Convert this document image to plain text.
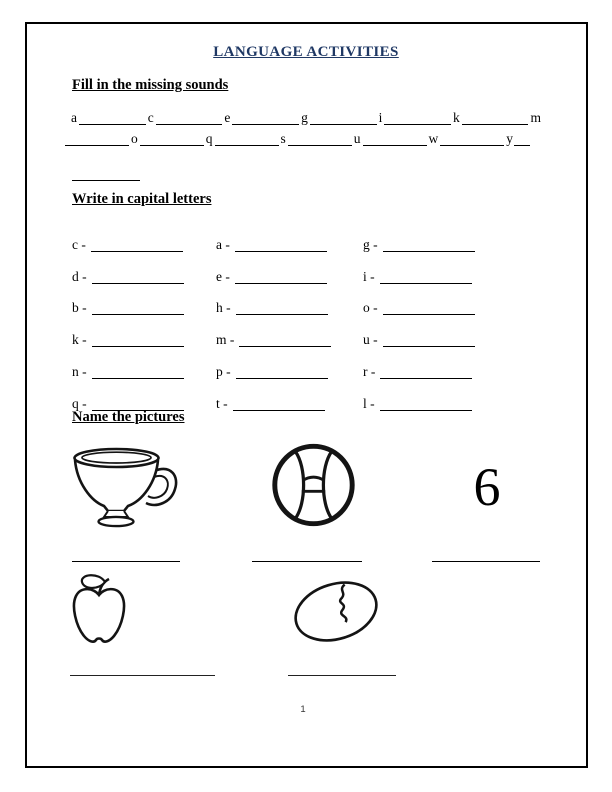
LANGUAGE ACTIVITIES
Fill in the missing sounds
a	c	e	g	i	k	m
o	q	s	u	w	y
Write in capital letters
c -	a -	g -
d -	e -	i -
b -	h -	o -
k -	m -	u -
n -	p -	r -
q -	t -	l -
Name the pictures
6
1
